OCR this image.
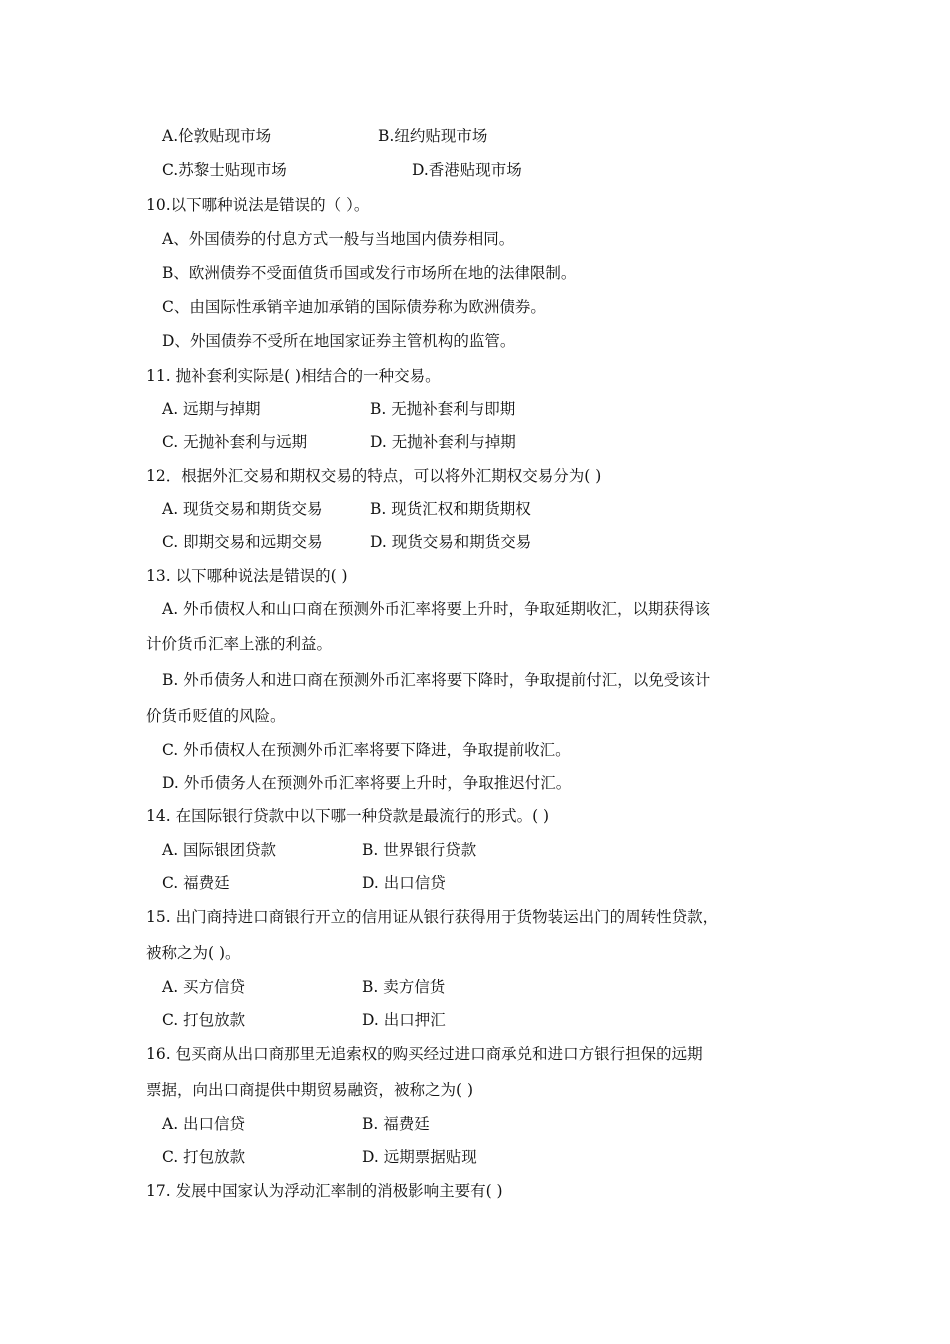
A.伦敦贴现市场	B.纽约贴现市场
C.苏黎士贴现市场	D.香港贴现市场
10.以下哪种说法是错误的（ ）。
A、外国债券的付息方式一般与当地国内债券相同。
B、欧洲债券不受面值货币国或发行市场所在地的法律限制。
C、由国际性承销辛迪加承销的国际债券称为欧洲债券。
D、外国债券不受所在地国家证券主管机构的监管。
11. 抛补套利实际是( )相结合的一种交易。
A. 远期与掉期	B. 无抛补套利与即期
C. 无抛补套利与远期	D. 无抛补套利与掉期
12．根据外汇交易和期权交易的特点，可以将外汇期权交易分为( )
A. 现货交易和期货交易	B. 现货汇权和期货期权
C. 即期交易和远期交易	D. 现货交易和期货交易
13. 以下哪种说法是错误的( )
A. 外币债权人和山口商在预测外币汇率将要上升时，争取延期收汇，以期获得该
计价货币汇率上涨的利益。
B. 外币债务人和进口商在预测外币汇率将要下降时，争取提前付汇，以免受该计
价货币贬值的风险。
C. 外币债权人在预测外币汇率将要下降进，争取提前收汇。
D. 外币债务人在预测外币汇率将要上升时，争取推迟付汇。
14. 在国际银行贷款中以下哪一种贷款是最流行的形式。( )
A. 国际银团贷款	B. 世界银行贷款
C. 福费廷	D. 出口信贷
15. 出门商持进口商银行开立的信用证从银行获得用于货物装运出门的周转性贷款，
被称之为( )。
A. 买方信贷	B. 卖方信货
C. 打包放款	D. 出口押汇
16. 包买商从出口商那里无追索权的购买经过进口商承兑和进口方银行担保的远期
票据，向出口商提供中期贸易融资，被称之为( )
A. 出口信贷	B. 福费廷
C. 打包放款	D. 远期票据贴现
17. 发展中国家认为浮动汇率制的消极影响主要有( )
